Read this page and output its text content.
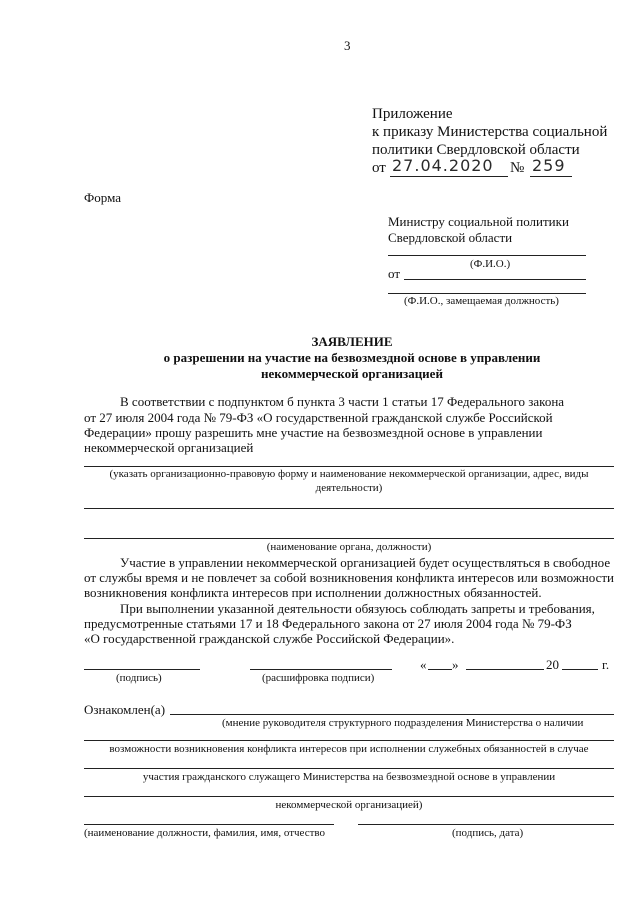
3
Приложение
к приказу Министерства социальной
политики Свердловской области
от 27.04.2020 № 259
Форма
Министру социальной политики
Свердловской области
(Ф.И.О.)
от
(Ф.И.О., замещаемая должность)
ЗАЯВЛЕНИЕ
о разрешении на участие на безвозмездной основе в управлении
некоммерческой организацией
В соответствии с подпунктом б пункта 3 части 1 статьи 17 Федерального закона
от 27 июля 2004 года № 79-ФЗ «О государственной гражданской службе Российской
Федерации» прошу разрешить мне участие на безвозмездной основе в управлении
некоммерческой организацией
(указать организационно-правовую форму и наименование некоммерческой организации, адрес, виды
деятельности)
(наименование органа, должности)
Участие в управлении некоммерческой организацией будет осуществляться в свободное
от службы время и не повлечет за собой возникновения конфликта интересов или возможности
возникновения конфликта интересов при исполнении должностных обязанностей.
При выполнении указанной деятельности обязуюсь соблюдать запреты и требования,
предусмотренные статьями 17 и 18 Федерального закона от 27 июля 2004 года № 79-ФЗ
«О государственной гражданской службе Российской Федерации».
« »	20	г.
(подпись)	(расшифровка подписи)
Ознакомлен(а)
(мнение руководителя структурного подразделения Министерства о наличии
возможности возникновения конфликта интересов при исполнении служебных обязанностей в случае
участия гражданского служащего Министерства на безвозмездной основе в управлении
некоммерческой организацией)
(наименование должности, фамилия, имя, отчество	(подпись, дата)
